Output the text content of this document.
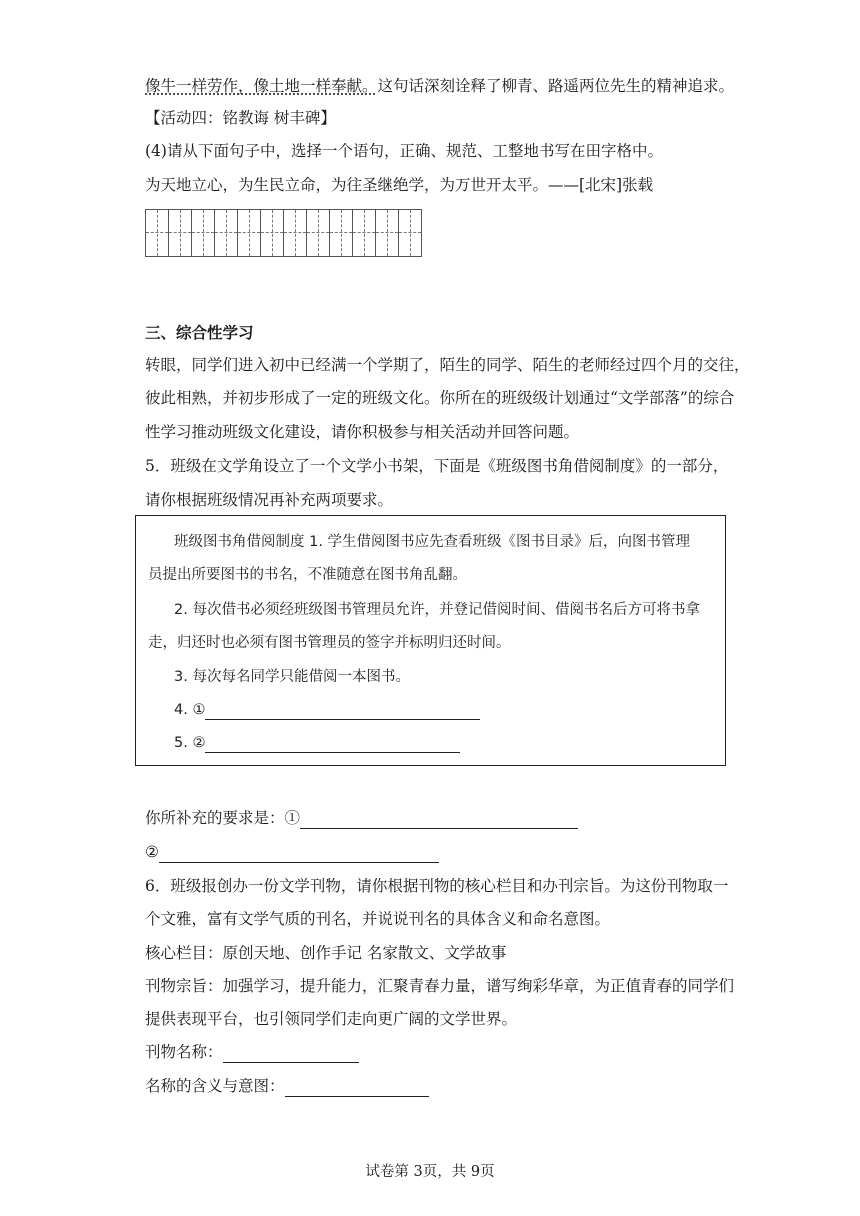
像牛一样劳作，像土地一样奉献。这句话深刻诠释了柳青、路遥两位先生的精神追求。
【活动四：铭教诲 树丰碑】
(4)请从下面句子中，选择一个语句，正确、规范、工整地书写在田字格中。
为天地立心，为生民立命，为往圣继绝学，为万世开太平。——[北宋]张载
三、综合性学习
转眼，同学们进入初中已经满一个学期了，陌生的同学、陌生的老师经过四个月的交往，
彼此相熟，并初步形成了一定的班级文化。你所在的班级级计划通过“文学部落”的综合
性学习推动班级文化建设，请你积极参与相关活动并回答问题。
5．班级在文学角设立了一个文学小书架，下面是《班级图书角借阅制度》的一部分，
请你根据班级情况再补充两项要求。
班级图书角借阅制度 1. 学生借阅图书应先查看班级《图书目录》后，向图书管理
员提出所要图书的书名，不准随意在图书角乱翻。
2. 每次借书必须经班级图书管理员允许，并登记借阅时间、借阅书名后方可将书拿
走，归还时也必须有图书管理员的签字并标明归还时间。
3. 每次每名同学只能借阅一本图书。
4. ①
5. ②
你所补充的要求是：①
②
6．班级报创办一份文学刊物，请你根据刊物的核心栏目和办刊宗旨。为这份刊物取一
个文雅，富有文学气质的刊名，并说说刊名的具体含义和命名意图。
核心栏目：原创天地、创作手记 名家散文、文学故事
刊物宗旨：加强学习，提升能力，汇聚青春力量，谱写绚彩华章，为正值青春的同学们
提供表现平台，也引领同学们走向更广阔的文学世界。
刊物名称：
名称的含义与意图：
试卷第 3页，共 9页
